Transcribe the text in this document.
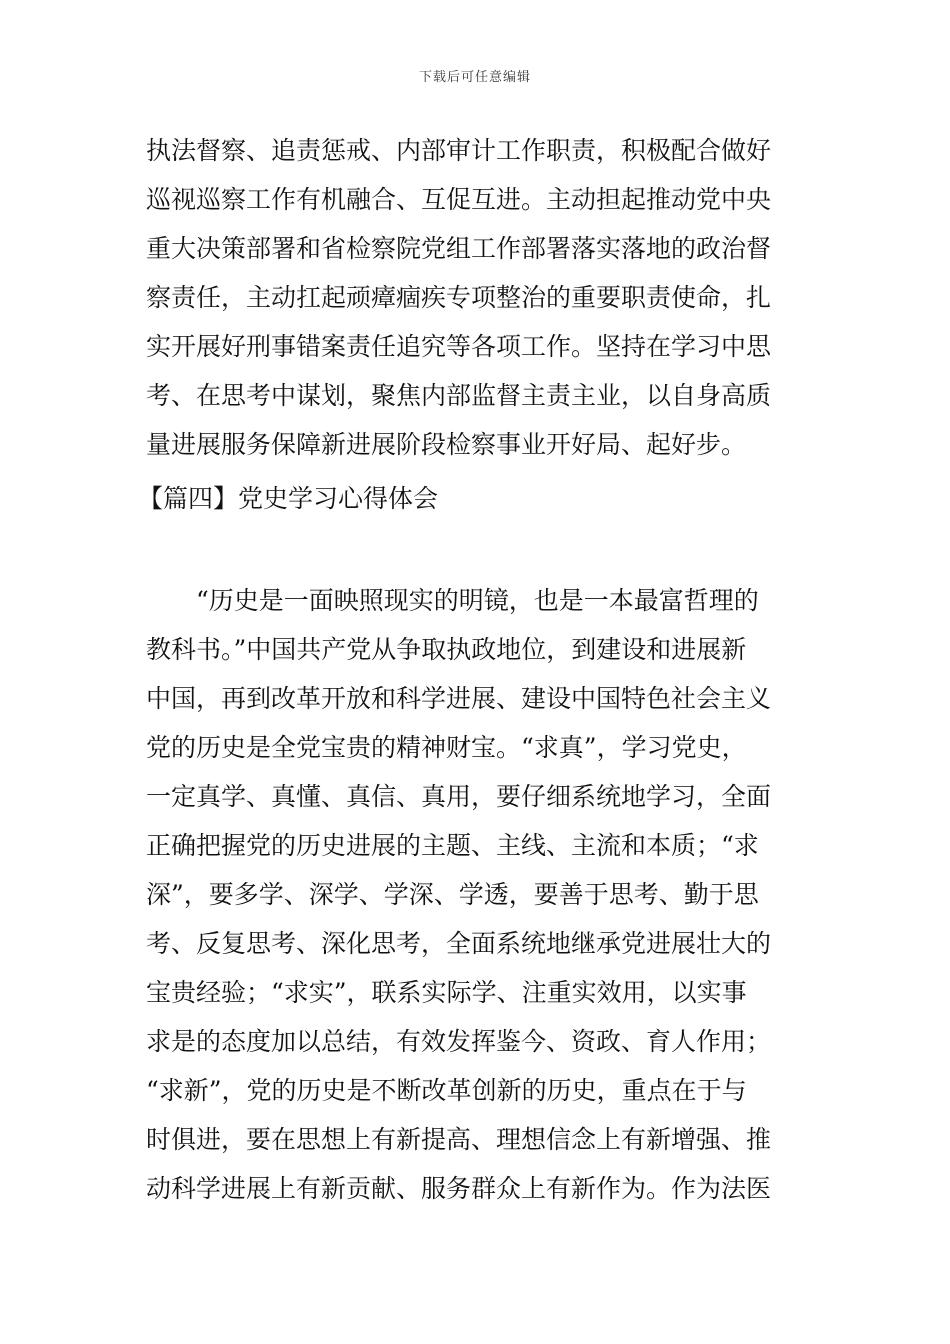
下载后可任意编辑
执法督察、追责惩戒、内部审计工作职责，积极配合做好
巡视巡察工作有机融合、互促互进。主动担起推动党中央
重大决策部署和省检察院党组工作部署落实落地的政治督
察责任，主动扛起顽瘴痼疾专项整治的重要职责使命，扎
实开展好刑事错案责任追究等各项工作。坚持在学习中思
考、在思考中谋划，聚焦内部监督主责主业，以自身高质
量进展服务保障新进展阶段检察事业开好局、起好步。
【篇四】党史学习心得体会
　　“历史是一面映照现实的明镜，也是一本最富哲理的
教科书。”中国共产党从争取执政地位，到建设和进展新
中国，再到改革开放和科学进展、建设中国特色社会主义
党的历史是全党宝贵的精神财宝。“求真”，学习党史，
一定真学、真懂、真信、真用，要仔细系统地学习，全面
正确把握党的历史进展的主题、主线、主流和本质；“求
深”，要多学、深学、学深、学透，要善于思考、勤于思
考、反复思考、深化思考，全面系统地继承党进展壮大的
宝贵经验；“求实”，联系实际学、注重实效用，以实事
求是的态度加以总结，有效发挥鉴今、资政、育人作用；
“求新”，党的历史是不断改革创新的历史，重点在于与
时俱进，要在思想上有新提高、理想信念上有新增强、推
动科学进展上有新贡献、服务群众上有新作为。作为法医
